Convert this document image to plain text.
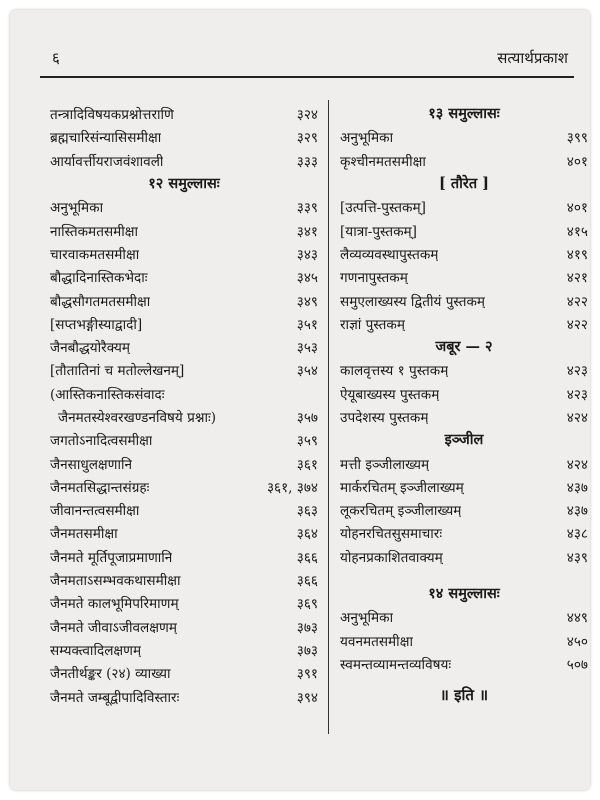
६	सत्यार्थप्रकाश
तन्त्रादिविषयकप्रश्नोत्तराणि	३२४
ब्रह्मचारिसंन्यासिसमीक्षा	३२९
आर्यावर्त्तीयराजवंशावली	३३३
१२ समुल्लासः
अनुभूमिका	३३९
नास्तिकमतसमीक्षा	३४१
चारवाकमतसमीक्षा	३४३
बौद्धादिनास्तिकभेदाः	३४५
बौद्धसौगतमतसमीक्षा	३४९
[सप्तभङ्गीस्याद्वादी]	३५१
जैनबौद्धयोरैक्यम्	३५३
[तौतातिनां च मतोल्लेखनम्]	३५४
(आस्तिकनास्तिकसंवादः
जैनमतस्येश्वरखण्डनविषये प्रश्नाः)	३५७
जगतोऽनादित्वसमीक्षा	३५९
जैनसाधुलक्षणानि	३६१
जैनमतसिद्धान्तसंग्रहः	३६१, ३७४
जीवानन्तत्वसमीक्षा	३६३
जैनमतसमीक्षा	३६४
जैनमते मूर्तिपूजाप्रमाणानि	३६६
जैनमताऽसम्भवकथासमीक्षा	३६६
जैनमते कालभूमिपरिमाणम्	३६९
जैनमते जीवाऽजीवलक्षणम्	३७३
सम्यक्त्वादिलक्षणम्	३७३
जैनतीर्थङ्कर (२४) व्याख्या	३९१
जैनमते जम्बूद्वीपादिविस्तारः	३९४
१३ समुल्लासः
अनुभूमिका	३९९
कृश्चीनमतसमीक्षा	४०१
[ तौरेत ]
[उत्पत्ति-पुस्तकम्]	४०१
[यात्रा-पुस्तकम्]	४१५
लैव्यव्यवस्थापुस्तकम्	४१९
गणनापुस्तकम्	४२१
समुएलाख्यस्य द्वितीयं पुस्तकम्	४२२
राज्ञां पुस्तकम्	४२२
जबूर — २
कालवृत्तस्य १ पुस्तकम्	४२३
ऐयूबाख्यस्य पुस्तकम्	४२३
उपदेशस्य पुस्तकम्	४२४
इञ्जील
मत्ती इञ्जीलाख्यम्	४२४
मार्करचितम् इञ्जीलाख्यम्	४३७
लूकरचितम् इञ्जीलाख्यम्	४३७
योहनरचितसुसमाचारः	४३८
योहनप्रकाशितवाक्यम्	४३९
१४ समुल्लासः
अनुभूमिका	४४९
यवनमतसमीक्षा	४५०
स्वमन्तव्यामन्तव्यविषयः	५०७
॥ इति ॥
